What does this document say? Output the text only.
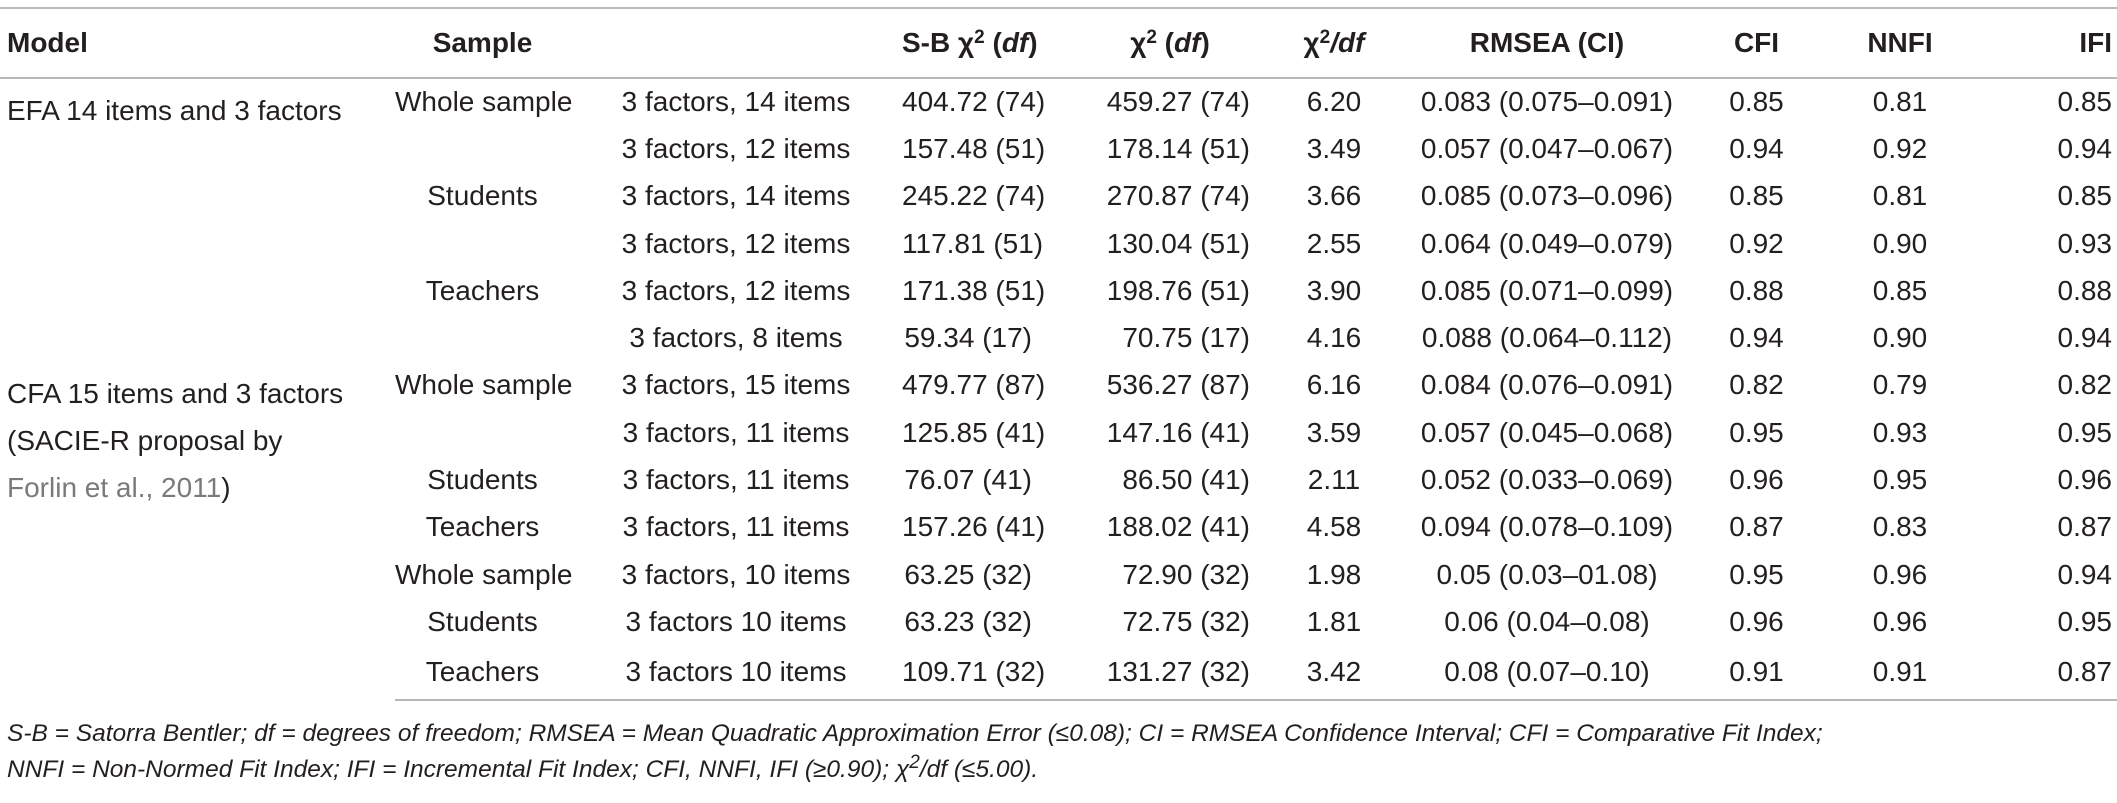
Model	Sample		S-B $\chi^2$ (df)	$\chi^2$ (df)	$\chi^2/df$	RMSEA (CI)	CFI	NNFI	IFI
EFA 14 items and 3 factors	Whole sample	3 factors, 14 items	404.72 (74)	459.27 (74)	6.20	0.083 (0.075–0.091)	0.85	0.81	0.85
		3 factors, 12 items	157.48 (51)	178.14 (51)	3.49	0.057 (0.047–0.067)	0.94	0.92	0.94
	Students	3 factors, 14 items	245.22 (74)	270.87 (74)	3.66	0.085 (0.073–0.096)	0.85	0.81	0.85
		3 factors, 12 items	117.81 (51)	130.04 (51)	2.55	0.064 (0.049–0.079)	0.92	0.90	0.93
	Teachers	3 factors, 12 items	171.38 (51)	198.76 (51)	3.90	0.085 (0.071–0.099)	0.88	0.85	0.88
		3 factors, 8 items	59.34 (17)	70.75 (17)	4.16	0.088 (0.064–0.112)	0.94	0.90	0.94
CFA 15 items and 3 factors
(SACIE-R proposal by
Forlin et al., 2011)	Whole sample	3 factors, 15 items	479.77 (87)	536.27 (87)	6.16	0.084 (0.076–0.091)	0.82	0.79	0.82
		3 factors, 11 items	125.85 (41)	147.16 (41)	3.59	0.057 (0.045–0.068)	0.95	0.93	0.95
	Students	3 factors, 11 items	76.07 (41)	86.50 (41)	2.11	0.052 (0.033–0.069)	0.96	0.95	0.96
	Teachers	3 factors, 11 items	157.26 (41)	188.02 (41)	4.58	0.094 (0.078–0.109)	0.87	0.83	0.87
	Whole sample	3 factors, 10 items	63.25 (32)	72.90 (32)	1.98	0.05 (0.03–01.08)	0.95	0.96	0.94
	Students	3 factors 10 items	63.23 (32)	72.75 (32)	1.81	0.06 (0.04–0.08)	0.96	0.96	0.95
	Teachers	3 factors 10 items	109.71 (32)	131.27 (32)	3.42	0.08 (0.07–0.10)	0.91	0.91	0.87
S-B = Satorra Bentler; df = degrees of freedom; RMSEA = Mean Quadratic Approximation Error (≤0.08); CI = RMSEA Confidence Interval; CFI = Comparative Fit Index;
NNFI = Non-Normed Fit Index; IFI = Incremental Fit Index; CFI, NNFI, IFI (≥0.90); $\chi^2/df$ (≤5.00).
